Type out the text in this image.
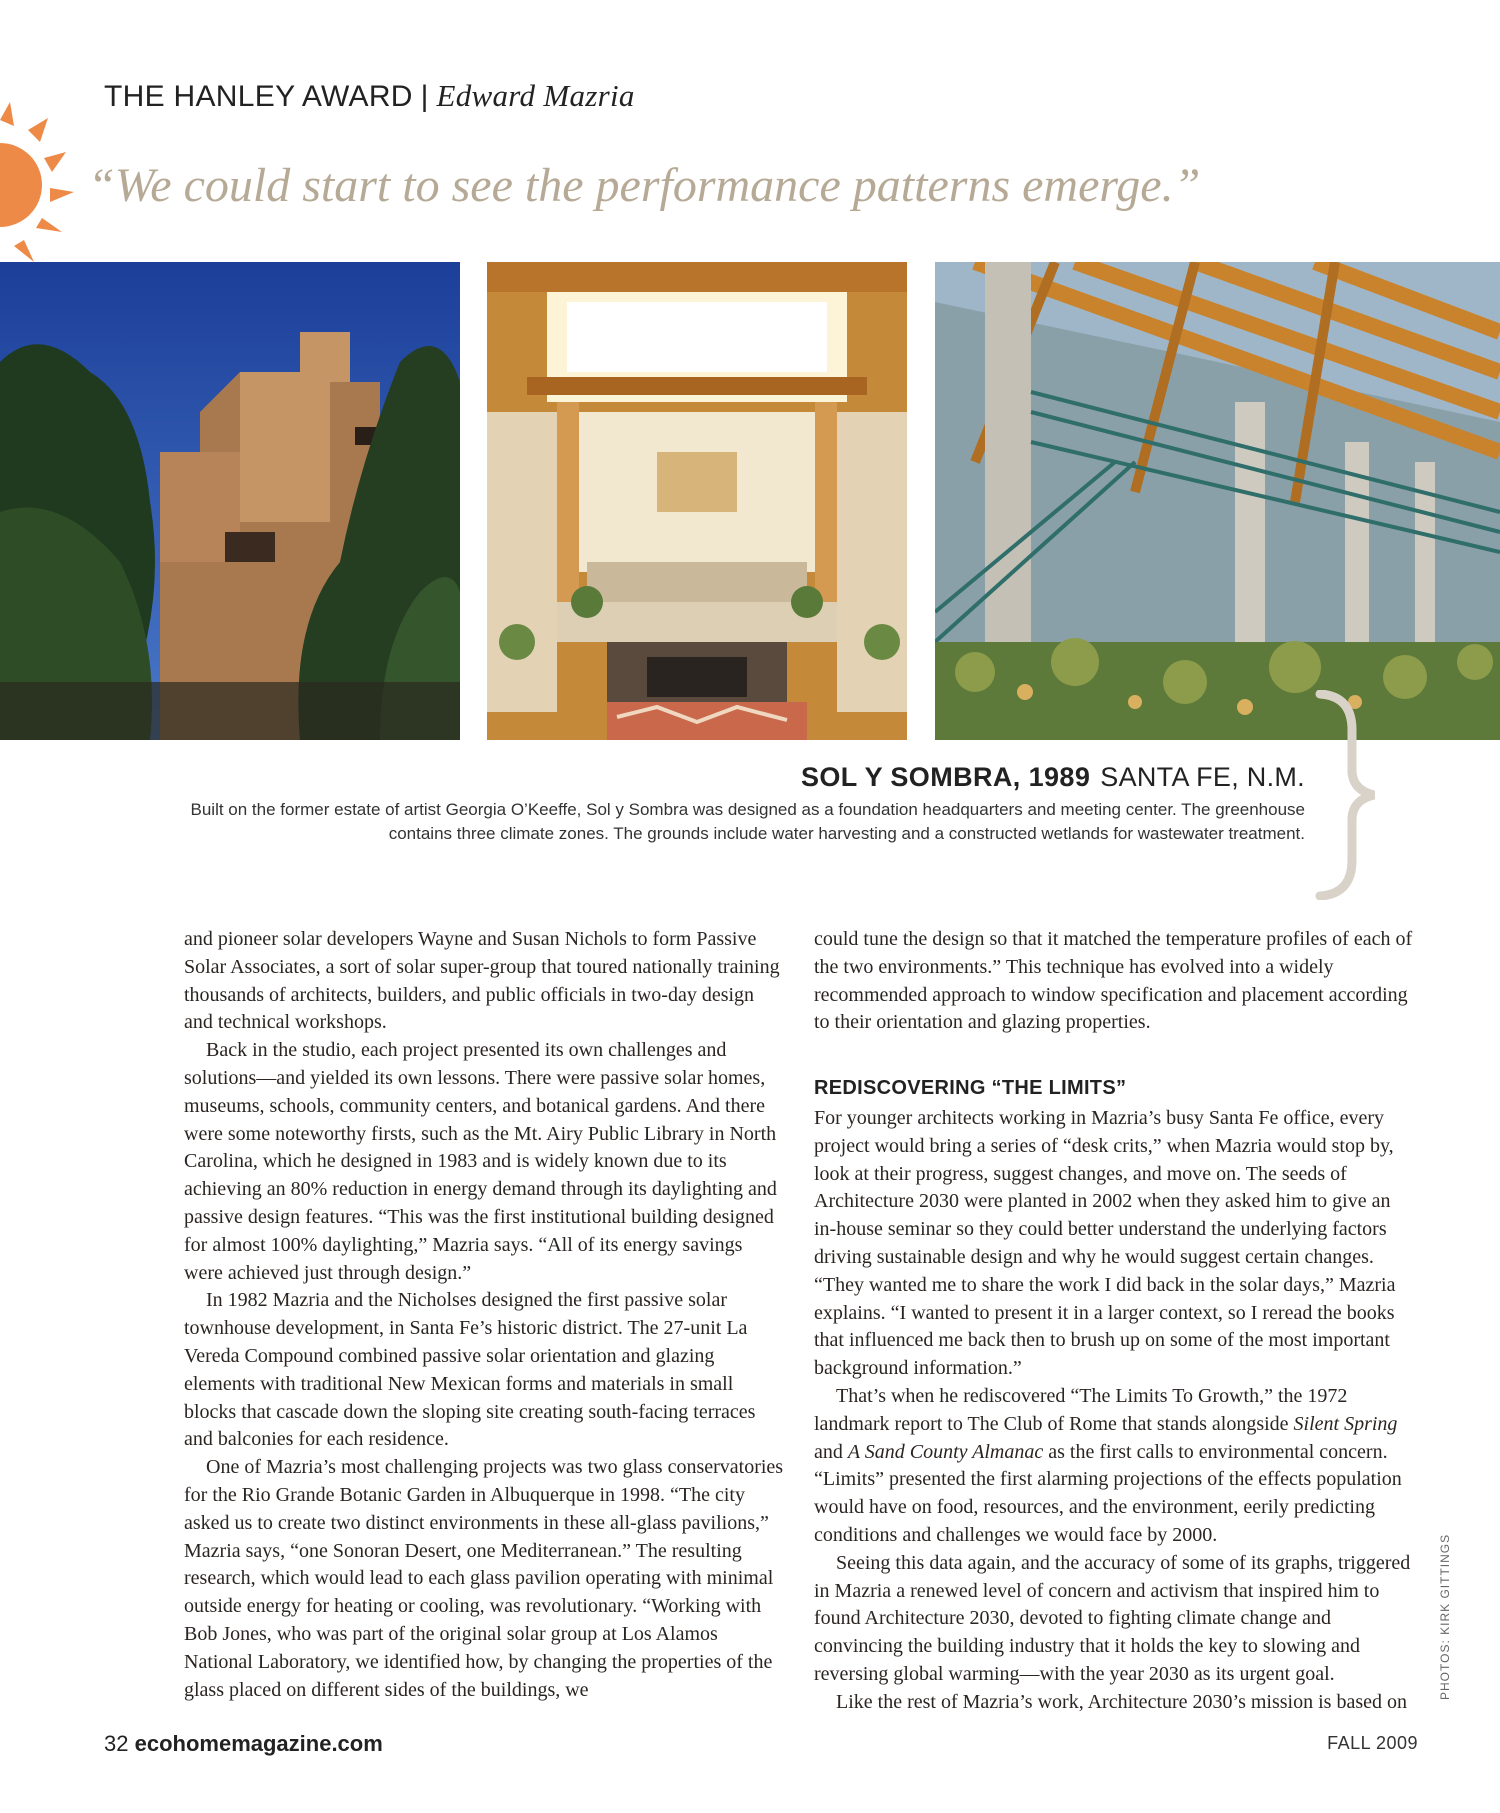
THE HANLEY AWARD | Edward Mazria
“We could start to see the performance patterns emerge.”
SOL Y SOMBRA, 1989 SANTA FE, N.M.
Built on the former estate of artist Georgia O’Keeffe, Sol y Sombra was designed as a foundation headquarters and meeting center. The greenhouse contains three climate zones. The grounds include water harvesting and a constructed wetlands for wastewater treatment.

and pioneer solar developers Wayne and Susan Nichols to form Passive Solar Associates, a sort of solar super-group that toured nationally training thousands of architects, builders, and public officials in two-day design and technical workshops.

Back in the studio, each project presented its own challenges and solutions—and yielded its own lessons. There were passive solar homes, museums, schools, community centers, and botanical gardens. And there were some noteworthy firsts, such as the Mt. Airy Public Library in North Carolina, which he designed in 1983 and is widely known due to its achieving an 80% reduction in energy demand through its daylighting and passive design features. “This was the first institutional building designed for almost 100% daylighting,” Mazria says. “All of its energy savings were achieved just through design.”

In 1982 Mazria and the Nicholses designed the first passive solar townhouse development, in Santa Fe’s historic district. The 27-unit La Vereda Compound combined passive solar orientation and glazing elements with traditional New Mexican forms and materials in small blocks that cascade down the sloping site creating south-facing terraces and balconies for each residence.

One of Mazria’s most challenging projects was two glass conservatories for the Rio Grande Botanic Garden in Albuquerque in 1998. “The city asked us to create two distinct environments in these all-glass pavilions,” Mazria says, “one Sonoran Desert, one Mediterranean.” The resulting research, which would lead to each glass pavilion operating with minimal outside energy for heating or cooling, was revolutionary. “Working with Bob Jones, who was part of the original solar group at Los Alamos National Laboratory, we identified how, by changing the properties of the glass placed on different sides of the buildings, we

could tune the design so that it matched the temperature profiles of each of the two environments.” This technique has evolved into a widely recommended approach to window specification and placement according to their orientation and glazing properties.

REDISCOVERING “THE LIMITS”

For younger architects working in Mazria’s busy Santa Fe office, every project would bring a series of “desk crits,” when Mazria would stop by, look at their progress, suggest changes, and move on. The seeds of Architecture 2030 were planted in 2002 when they asked him to give an in-house seminar so they could better understand the underlying factors driving sustainable design and why he would suggest certain changes. “They wanted me to share the work I did back in the solar days,” Mazria explains. “I wanted to present it in a larger context, so I reread the books that influenced me back then to brush up on some of the most important background information.”

That’s when he rediscovered “The Limits To Growth,” the 1972 landmark report to The Club of Rome that stands alongside Silent Spring and A Sand County Almanac as the first calls to environmental concern. “Limits” presented the first alarming projections of the effects population would have on food, resources, and the environment, eerily predicting conditions and challenges we would face by 2000.

Seeing this data again, and the accuracy of some of its graphs, triggered in Mazria a renewed level of concern and activism that inspired him to found Architecture 2030, devoted to fighting climate change and convincing the building industry that it holds the key to slowing and reversing global warming—with the year 2030 as its urgent goal.

Like the rest of Mazria’s work, Architecture 2030’s mission is based on

PHOTOS: KIRK GITTINGS
32 ecohomemagazine.com	FALL 2009
